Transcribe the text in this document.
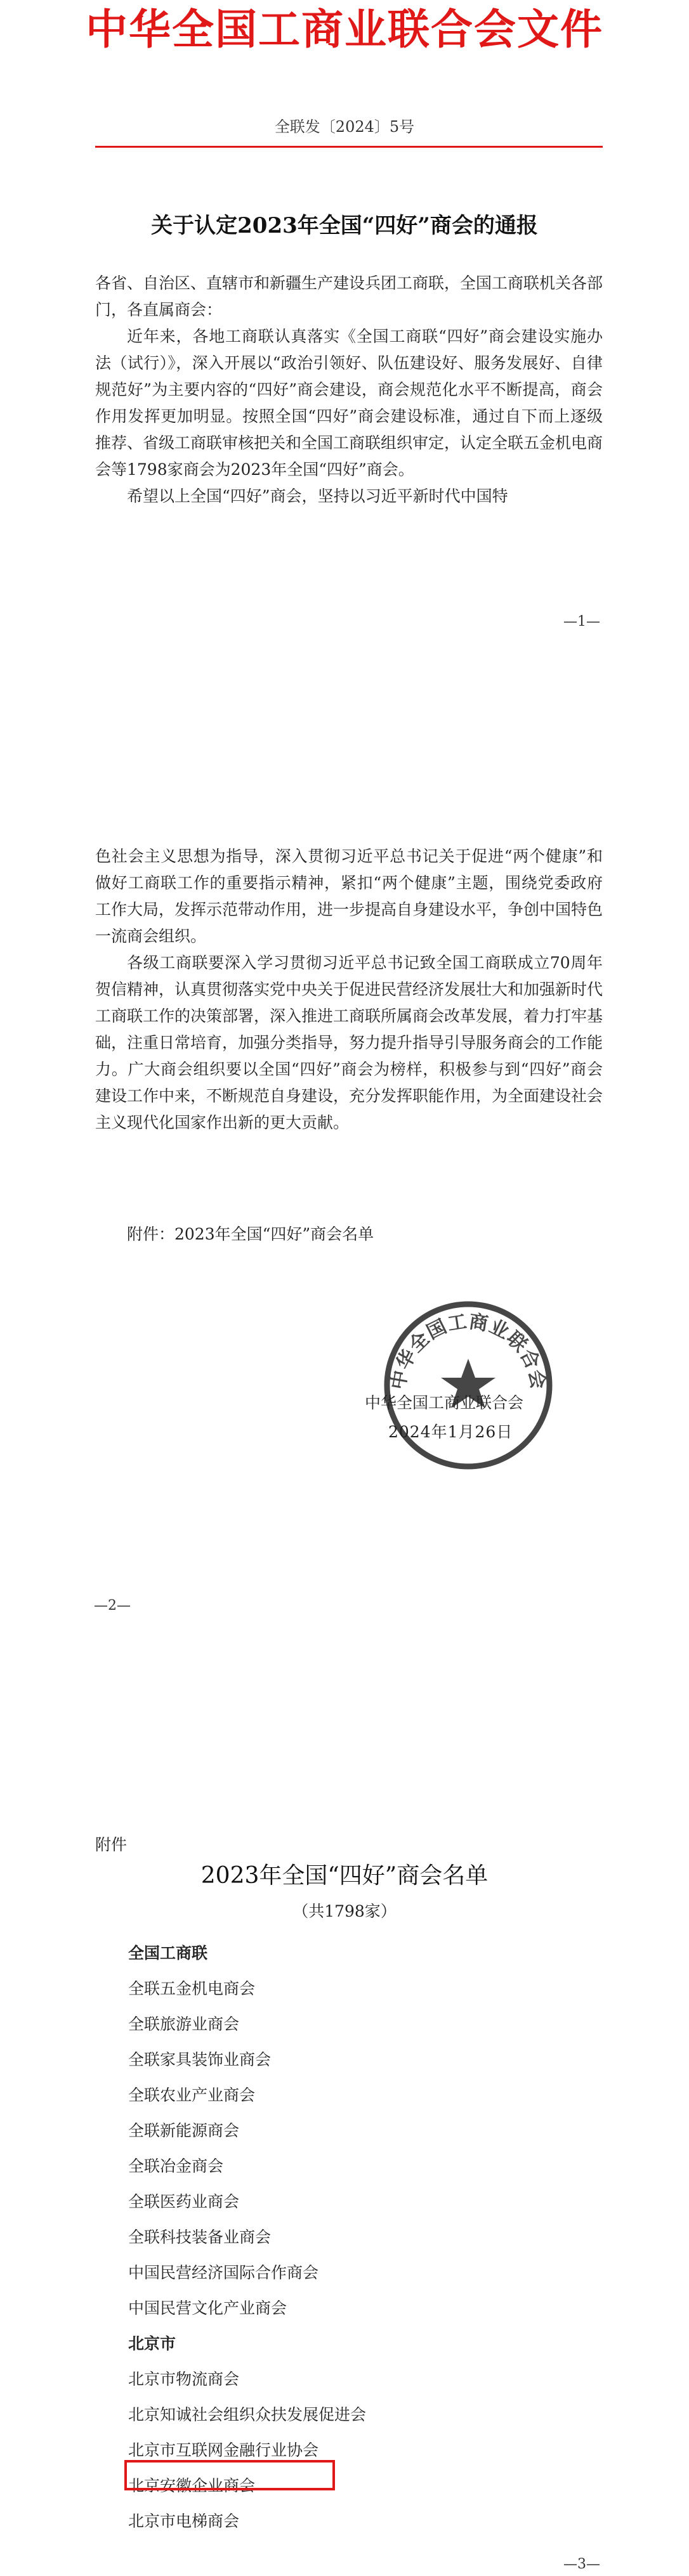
中华全国工商业联合会文件
全联发〔2024〕5号
关于认定2023年全国“四好”商会的通报

各省、自治区、直辖市和新疆生产建设兵团工商联，全国工商联机关各部门，各直属商会：

近年来，各地工商联认真落实《全国工商联“四好”商会建设实施办法（试行）》，深入开展以“政治引领好、队伍建设好、服务发展好、自律规范好”为主要内容的“四好”商会建设，商会规范化水平不断提高，商会作用发挥更加明显。按照全国“四好”商会建设标准，通过自下而上逐级推荐、省级工商联审核把关和全国工商联组织审定，认定全联五金机电商会等1798家商会为2023年全国“四好”商会。

希望以上全国“四好”商会，坚持以习近平新时代中国特

—1—

色社会主义思想为指导，深入贯彻习近平总书记关于促进“两个健康”和做好工商联工作的重要指示精神，紧扣“两个健康”主题，围绕党委政府工作大局，发挥示范带动作用，进一步提高自身建设水平，争创中国特色一流商会组织。

各级工商联要深入学习贯彻习近平总书记致全国工商联成立70周年贺信精神，认真贯彻落实党中央关于促进民营经济发展壮大和加强新时代工商联工作的决策部署，深入推进工商联所属商会改革发展，着力打牢基础，注重日常培育，加强分类指导，努力提升指导引导服务商会的工作能力。广大商会组织要以全国“四好”商会为榜样，积极参与到“四好”商会建设工作中来，不断规范自身建设，充分发挥职能作用，为全面建设社会主义现代化国家作出新的更大贡献。

附件：2023年全国“四好”商会名单

中华全国工商业联合会
中华全国工商业联合会
2024年1月26日
—2—
附件
2023年全国“四好”商会名单
（共1798家）
全国工商联
全联五金机电商会
全联旅游业商会
全联家具装饰业商会
全联农业产业商会
全联新能源商会
全联冶金商会
全联医药业商会
全联科技装备业商会
中国民营经济国际合作商会
中国民营文化产业商会
北京市
北京市物流商会
北京知诚社会组织众扶发展促进会
北京市互联网金融行业协会
北京安徽企业商会
北京市电梯商会
—3—
